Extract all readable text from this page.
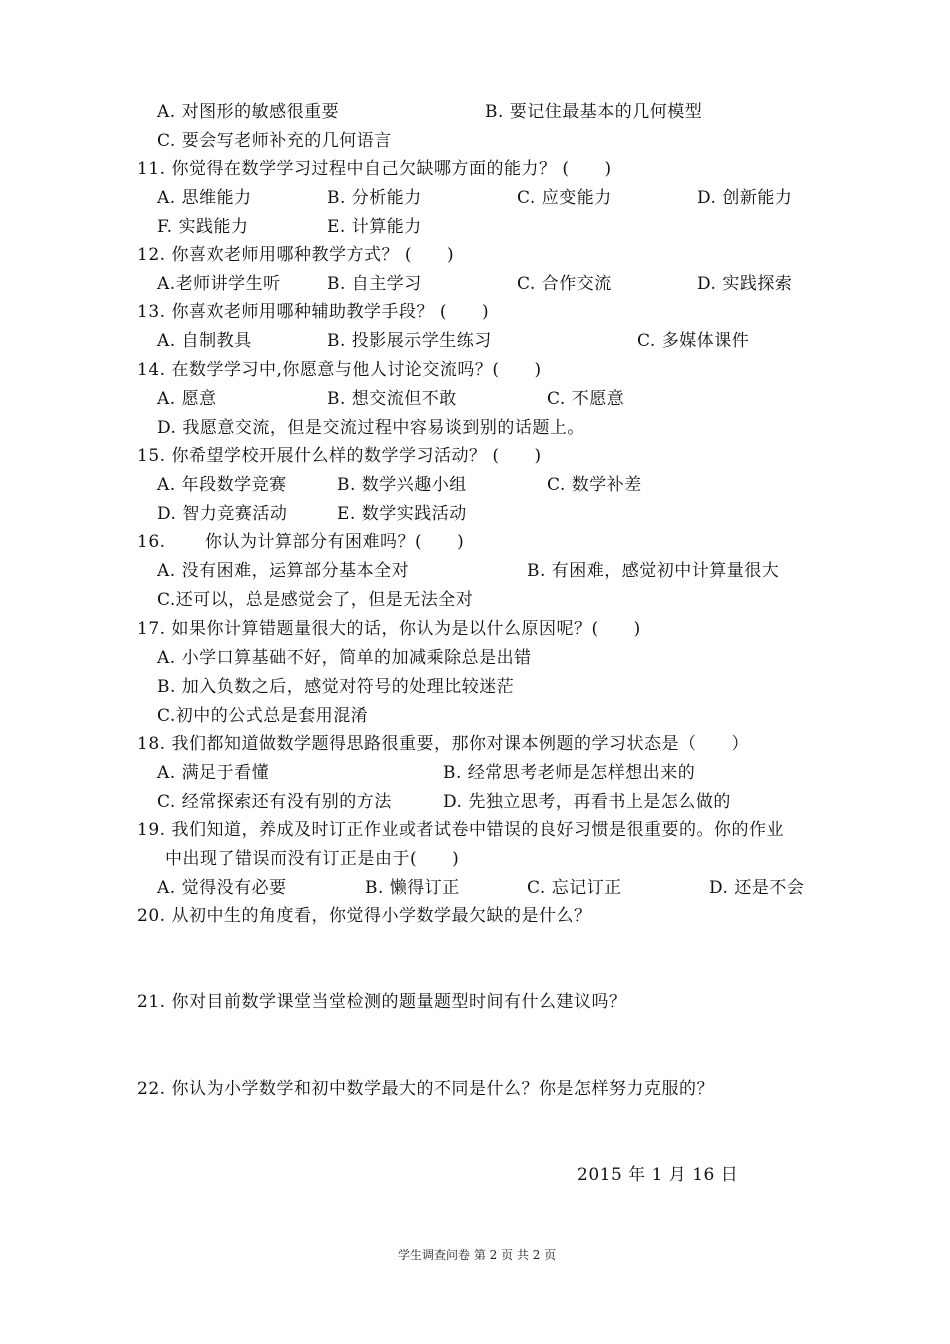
A. 对图形的敏感很重要	B. 要记住最基本的几何模型
C. 要会写老师补充的几何语言
11. 你觉得在数学学习过程中自己欠缺哪方面的能力？ (　　)
A. 思维能力	B. 分析能力	C. 应变能力	D. 创新能力
F. 实践能力	E. 计算能力
12. 你喜欢老师用哪种教学方式？ (　　)
A.老师讲学生听	B. 自主学习	C. 合作交流	D. 实践探索
13. 你喜欢老师用哪种辅助教学手段？ (　　)
A. 自制教具	B. 投影展示学生练习	C. 多媒体课件
14. 在数学学习中,你愿意与他人讨论交流吗？(　　)
A. 愿意	B. 想交流但不敢	C. 不愿意
D. 我愿意交流，但是交流过程中容易谈到别的话题上。
15. 你希望学校开展什么样的数学学习活动？ (　　)
A. 年段数学竞赛	B. 数学兴趣小组	C. 数学补差
D. 智力竞赛活动	E. 数学实践活动
16. 你认为计算部分有困难吗？(　　)
A. 没有困难，运算部分基本全对	B. 有困难，感觉初中计算量很大
C.还可以，总是感觉会了，但是无法全对
17. 如果你计算错题量很大的话，你认为是以什么原因呢？(　　)
A. 小学口算基础不好，简单的加减乘除总是出错
B. 加入负数之后，感觉对符号的处理比较迷茫
C.初中的公式总是套用混淆
18. 我们都知道做数学题得思路很重要，那你对课本例题的学习状态是（　　）
A. 满足于看懂	B. 经常思考老师是怎样想出来的
C. 经常探索还有没有别的方法	D. 先独立思考，再看书上是怎么做的
19. 我们知道，养成及时订正作业或者试卷中错误的良好习惯是很重要的。你的作业
中出现了错误而没有订正是由于(　　)
A. 觉得没有必要	B. 懒得订正	C. 忘记订正	D. 还是不会
20. 从初中生的角度看，你觉得小学数学最欠缺的是什么？
21. 你对目前数学课堂当堂检测的题量题型时间有什么建议吗？
22. 你认为小学数学和初中数学最大的不同是什么？你是怎样努力克服的？
2015 年 1 月 16 日
学生调查问卷 第 2 页 共 2 页
